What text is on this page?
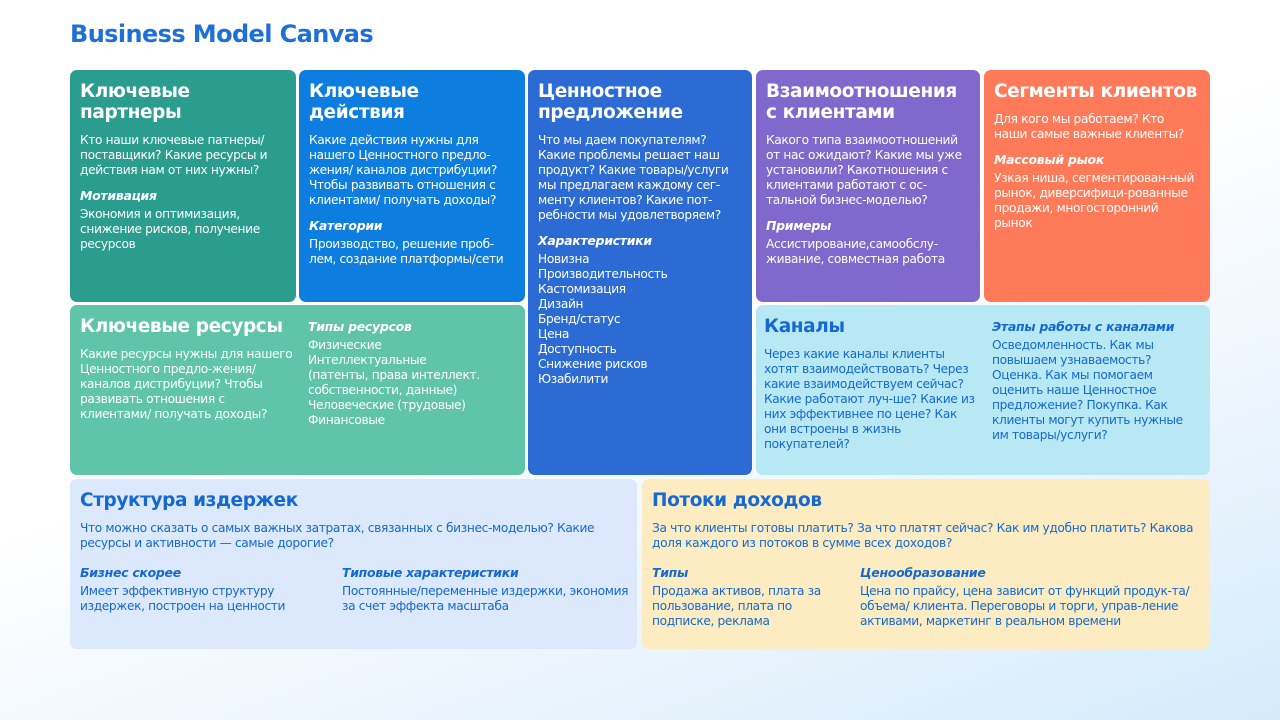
Business Model Canvas
Ключевые партнеры

Кто наши ключевые патнеры/ поставщики? Какие ресурсы и действия нам от них нужны?

Мотивация

Экономия и оптимизация, снижение рисков, получение ресурсов

Ключевые действия

Какие действия нужны для нашего Ценностного предло-жения/ каналов дистрибуции? Чтобы развивать отношения с клиентами/ получать доходы?

Категории

Производство, решение проб-лем, создание платформы/сети

Ценностное предложение

Что мы даем покупателям? Какие проблемы решает наш продукт? Какие товары/услуги мы предлагаем каждому сег-менту клиентов? Какие пот-ребности мы удовлетворяем?

Характеристики
Новизна
Производительность
Кастомизация
Дизайн
Бренд/статус
Цена
Доступность
Снижение рисков
Юзабилити
Взаимоотношения с клиентами

Какого типа взаимоотношений от нас ожидают? Какие мы уже установили? Какотношения с клиентами работают с ос-тальной бизнес-моделью?

Примеры

Ассистирование,самообслу-живание, совместная работа

Сегменты клиентов

Для кого мы работаем? Кто наши самые важные клиенты?

Массовый рыок

Узкая ниша, сегментирован-ный рынок, диверсифици-рованные продажи, многосторонний рынок

Ключевые ресурсы

Какие ресурсы нужны для нашего Ценностного предло-жения/ каналов дистрибуции? Чтобы развивать отношения с клиентами/ получать доходы?

Типы ресурсов
Физические
Интеллектуальные
(патенты, права интеллект.
собственности, данные)
Человеческие (трудовые)
Финансовые
Каналы

Через какие каналы клиенты хотят взаимодействовать? Через какие взаимодействуем сейчас? Какие работают луч-ше? Какие из них эффективнее по цене? Как они встроены в жизнь покупателей?

Этапы работы с каналами

Осведомленность. Как мы повышаем узнаваемость? Оценка. Как мы помогаем оценить наше Ценностное предложение? Покупка. Как клиенты могут купить нужные им товары/услуги?

Структура издержек

Что можно сказать о самых важных затратах, связанных с бизнес-моделью? Какие ресурсы и активности — самые дорогие?

Бизнес скорее

Имеет эффективную структуру издержек, построен на ценности

Типовые характеристики

Постоянные/переменные издержки, экономия за счет эффекта масштаба

Потоки доходов

За что клиенты готовы платить? За что платят сейчас? Как им удобно платить? Какова доля каждого из потоков в сумме всех доходов?

Типы

Продажа активов, плата за пользование, плата по подписке, реклама

Ценообразование

Цена по прайсу, цена зависит от функций продук-та/ объема/ клиента. Переговоры и торги, управ-ление активами, маркетинг в реальном времени
